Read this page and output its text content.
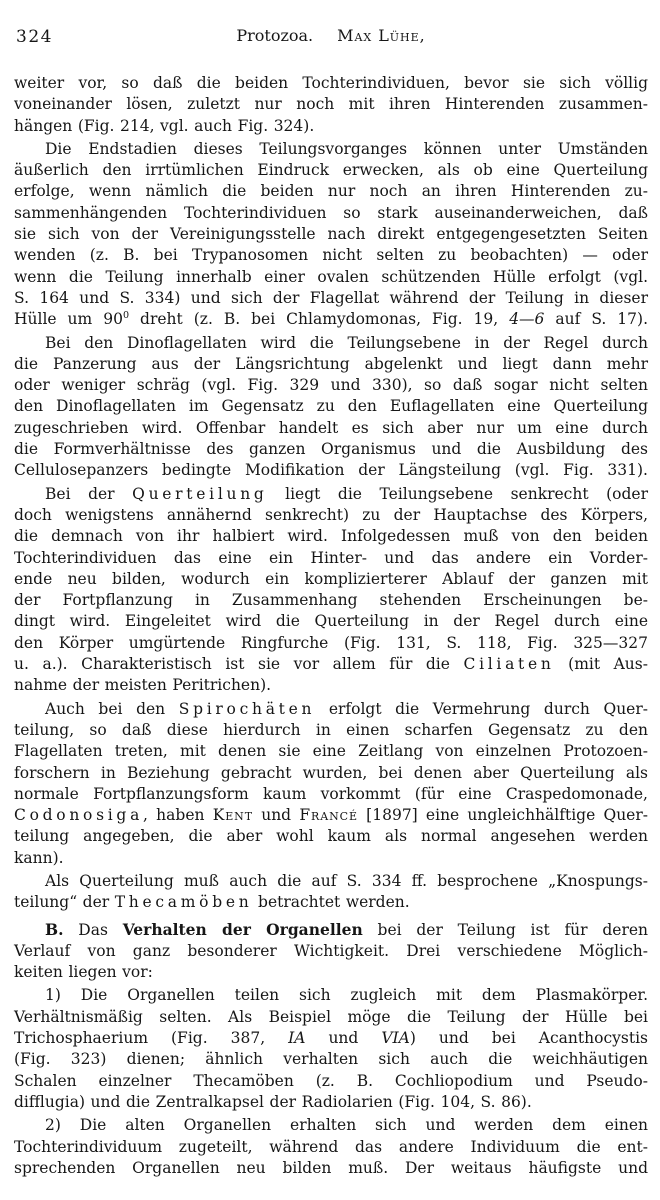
324	Protozoa. Max Lühe,
weiter vor, so daß die beiden Tochterindividuen, bevor sie sich völlig
voneinander lösen, zuletzt nur noch mit ihren Hinterenden zusammen-
hängen (Fig. 214, vgl. auch Fig. 324).
Die Endstadien dieses Teilungsvorganges können unter Umständen
äußerlich den irrtümlichen Eindruck erwecken, als ob eine Querteilung
erfolge, wenn nämlich die beiden nur noch an ihren Hinterenden zu-
sammenhängenden Tochterindividuen so stark auseinanderweichen, daß
sie sich von der Vereinigungsstelle nach direkt entgegengesetzten Seiten
wenden (z. B. bei Trypanosomen nicht selten zu beobachten) — oder
wenn die Teilung innerhalb einer ovalen schützenden Hülle erfolgt (vgl.
S. 164 und S. 334) und sich der Flagellat während der Teilung in dieser
Hülle um $90^0$ dreht (z. B. bei Chlamydomonas, Fig. 19, 4—6 auf S. 17).
Bei den Dinoflagellaten wird die Teilungsebene in der Regel durch
die Panzerung aus der Längsrichtung abgelenkt und liegt dann mehr
oder weniger schräg (vgl. Fig. 329 und 330), so daß sogar nicht selten
den Dinoflagellaten im Gegensatz zu den Euflagellaten eine Querteilung
zugeschrieben wird. Offenbar handelt es sich aber nur um eine durch
die Formverhältnisse des ganzen Organismus und die Ausbildung des
Cellulosepanzers bedingte Modifikation der Längsteilung (vgl. Fig. 331).
Bei der Querteilung liegt die Teilungsebene senkrecht (oder
doch wenigstens annähernd senkrecht) zu der Hauptachse des Körpers,
die demnach von ihr halbiert wird. Infolgedessen muß von den beiden
Tochterindividuen das eine ein Hinter- und das andere ein Vorder-
ende neu bilden, wodurch ein komplizierterer Ablauf der ganzen mit
der Fortpflanzung in Zusammenhang stehenden Erscheinungen be-
dingt wird. Eingeleitet wird die Querteilung in der Regel durch eine
den Körper umgürtende Ringfurche (Fig. 131, S. 118, Fig. 325—327
u. a.). Charakteristisch ist sie vor allem für die Ciliaten (mit Aus-
nahme der meisten Peritrichen).
Auch bei den Spirochäten erfolgt die Vermehrung durch Quer-
teilung, so daß diese hierdurch in einen scharfen Gegensatz zu den
Flagellaten treten, mit denen sie eine Zeitlang von einzelnen Protozoen-
forschern in Beziehung gebracht wurden, bei denen aber Querteilung als
normale Fortpflanzungsform kaum vorkommt (für eine Craspedomonade,
Codonosiga, haben Kent und Francé [1897] eine ungleichhälftige Quer-
teilung angegeben, die aber wohl kaum als normal angesehen werden
kann).
Als Querteilung muß auch die auf S. 334 ff. besprochene „Knospungs-
teilung“ der Thecamöben betrachtet werden.
B. Das Verhalten der Organellen bei der Teilung ist für deren
Verlauf von ganz besonderer Wichtigkeit. Drei verschiedene Möglich-
keiten liegen vor:
1) Die Organellen teilen sich zugleich mit dem Plasmakörper.
Verhältnismäßig selten. Als Beispiel möge die Teilung der Hülle bei
Trichosphaerium (Fig. 387, IA und VIA) und bei Acanthocystis
(Fig. 323) dienen; ähnlich verhalten sich auch die weichhäutigen
Schalen einzelner Thecamöben (z. B. Cochliopodium und Pseudo-
difflugia) und die Zentralkapsel der Radiolarien (Fig. 104, S. 86).
2) Die alten Organellen erhalten sich und werden dem einen
Tochterindividuum zugeteilt, während das andere Individuum die ent-
sprechenden Organellen neu bilden muß. Der weitaus häufigste und
